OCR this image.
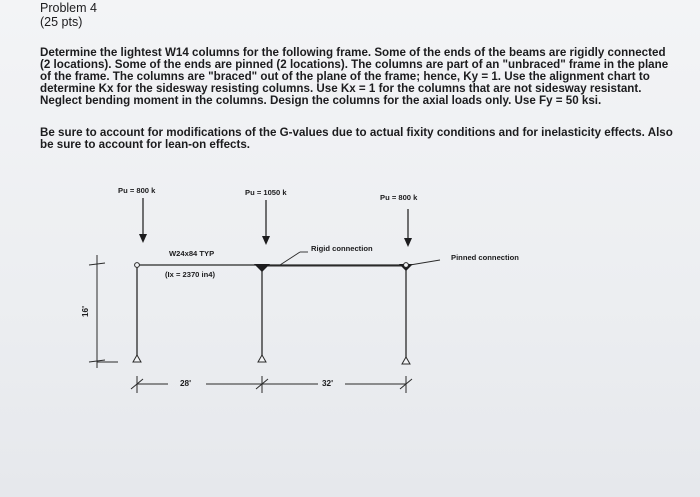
Problem 4
(25 pts)
Determine the lightest W14 columns for the following frame. Some of the ends of the beams are rigidly connected
(2 locations). Some of the ends are pinned (2 locations). The columns are part of an "unbraced" frame in the plane
of the frame. The columns are "braced" out of the plane of the frame; hence, Ky = 1. Use the alignment chart to
determine Kx for the sidesway resisting columns. Use Kx = 1 for the columns that are not sidesway resistant.
Neglect bending moment in the columns. Design the columns for the axial loads only. Use Fy = 50 ksi.
Be sure to account for modifications of the G-values due to actual fixity conditions and for inelasticity effects. Also
be sure to account for lean-on effects.
Pu = 800 k	Pu = 1050 k
Pu = 800 k
W24x84 TYP
(Ix = 2370 in4)
Rigid connection
Pinned connection
16'
28'	32'
